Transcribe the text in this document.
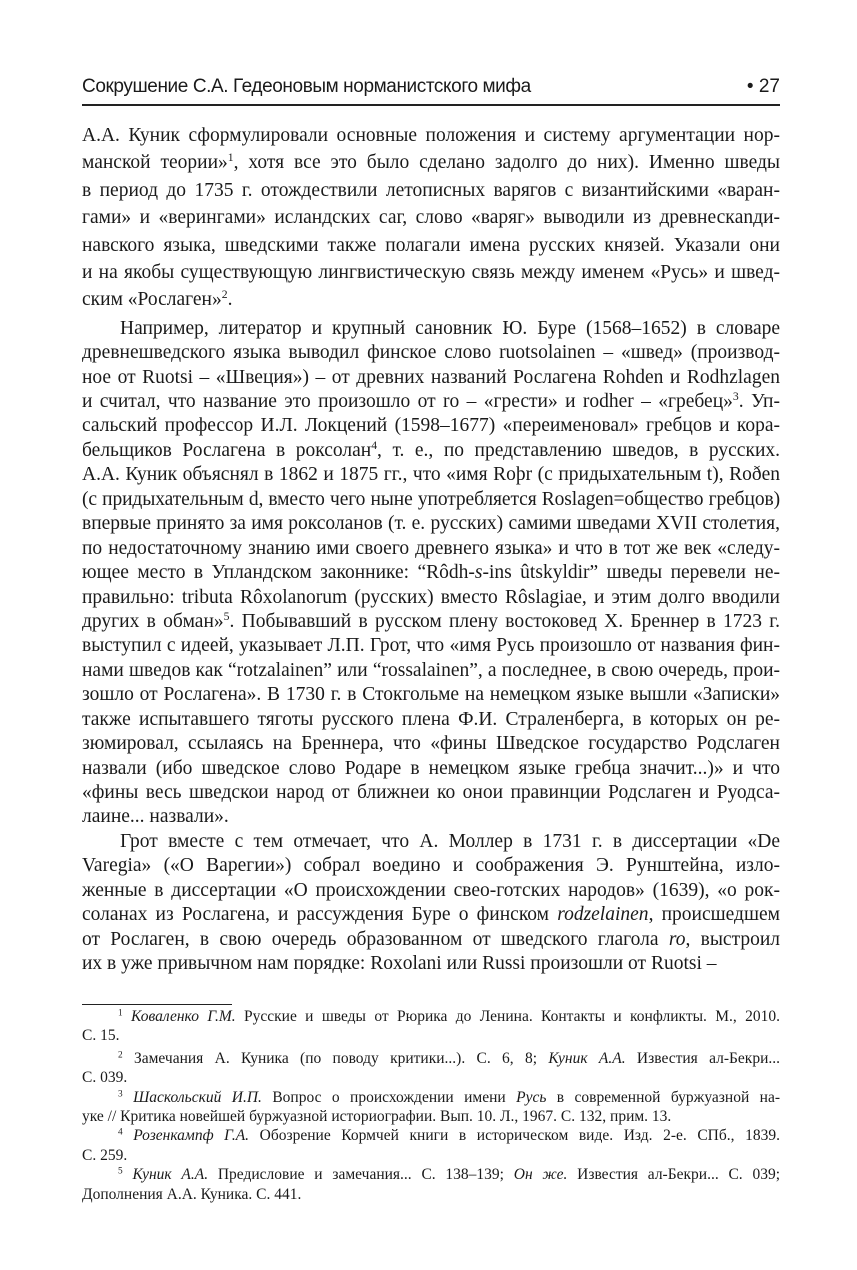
Сокрушение С.А. Гедеоновым норманистского мифа	• 27
А.А. Куник сформулировали основные положения и систему аргументации нор-
манской теории»$^1$, хотя все это было сделано задолго до них). Именно шведы
в период до 1735 г. отождествили летописных варягов с византийскими «варан-
гами» и «верингами» исландских саг, слово «варяг» выводили из древнескanди-
навского языка, шведскими также полагали имена русских князей. Указали они
и на якобы существующую лингвистическую связь между именем «Русь» и швед-
ским «Рослаген»$^2$.
Например, литератор и крупный сановник Ю. Буре (1568–1652) в словаре
древнешведского языка выводил финское слово ruotsolainen – «швед» (производ-
ное от Ruotsi – «Швеция») – от древних названий Рослагена Rohden и Rodhzlagen
и считал, что название это произошло от ro – «грести» и rodher – «гребец»$^3$. Уп-
сальский профессор И.Л. Локцений (1598–1677) «переименовал» гребцов и кора-
бельщиков Рослагена в роксолан$^4$, т. е., по представлению шведов, в русских.
А.А. Куник объяснял в 1862 и 1875 гг., что «имя Roþr (с придыхательным t), Roðen
(с придыхательным d, вместо чего ныне употребляется Roslagen=общество гребцов)
впервые принято за имя роксоланов (т. е. русских) самими шведами XVII столетия,
по недостаточному знанию ими своего древнего языка» и что в тот же век «следу-
ющее место в Упландском законнике: “Rôdh-s-ins ûtskyldir” шведы перевели не-
правильно: tributa Rôxolanorum (русских) вместо Rôslagiae, и этим долго вводили
других в обман»$^5$. Побывавший в русском плену востоковед Х. Бреннер в 1723 г.
выступил с идеей, указывает Л.П. Грот, что «имя Русь произошло от названия фин-
нами шведов как “rotzalainen” или “rossalainen”, а последнее, в свою очередь, прои-
зошло от Рослагена». В 1730 г. в Стокгольме на немецком языке вышли «Записки»
также испытавшего тяготы русского плена Ф.И. Страленберга, в которых он ре-
зюмировал, ссылаясь на Бреннера, что «фины Шведское государство Родслаген
назвали (ибо шведское слово Родаре в немецком языке гребца значит...)» и что
«фины весь шведскои народ от ближнеи ко онои правинции Родслаген и Руодса-
лаине... назвали».
Грот вместе с тем отмечает, что А. Моллер в 1731 г. в диссертации «De
Varegia» («О Варегии») собрал воедино и соображения Э. Рунштейна, изло-
женные в диссертации «О происхождении свео-готских народов» (1639), «о рок-
соланах из Рослагена, и рассуждения Буре о финском rodzelainen, происшедшем
от Рослаген, в свою очередь образованном от шведского глагола ro, выстроил
их в уже привычном нам порядке: Roxolani или Russi произошли от Ruotsi –
$^1$ Коваленко Г.М. Русские и шведы от Рюрика до Ленина. Контакты и конфликты. М., 2010.
С. 15.
$^2$ Замечания А. Куника (по поводу критики...). С. 6, 8; Куник А.А. Известия ал-Бекри...
С. 039.
$^3$ Шаскольский И.П. Вопрос о происхождении имени Русь в современной буржуазной на-
уке // Критика новейшей буржуазной историографии. Вып. 10. Л., 1967. С. 132, прим. 13.
$^4$ Розенкампф Г.А. Обозрение Кормчей книги в историческом виде. Изд. 2-е. СПб., 1839.
С. 259.
$^5$ Куник А.А. Предисловие и замечания... С. 138–139; Он же. Известия ал-Бекри... С. 039;
Дополнения А.А. Куника. С. 441.
